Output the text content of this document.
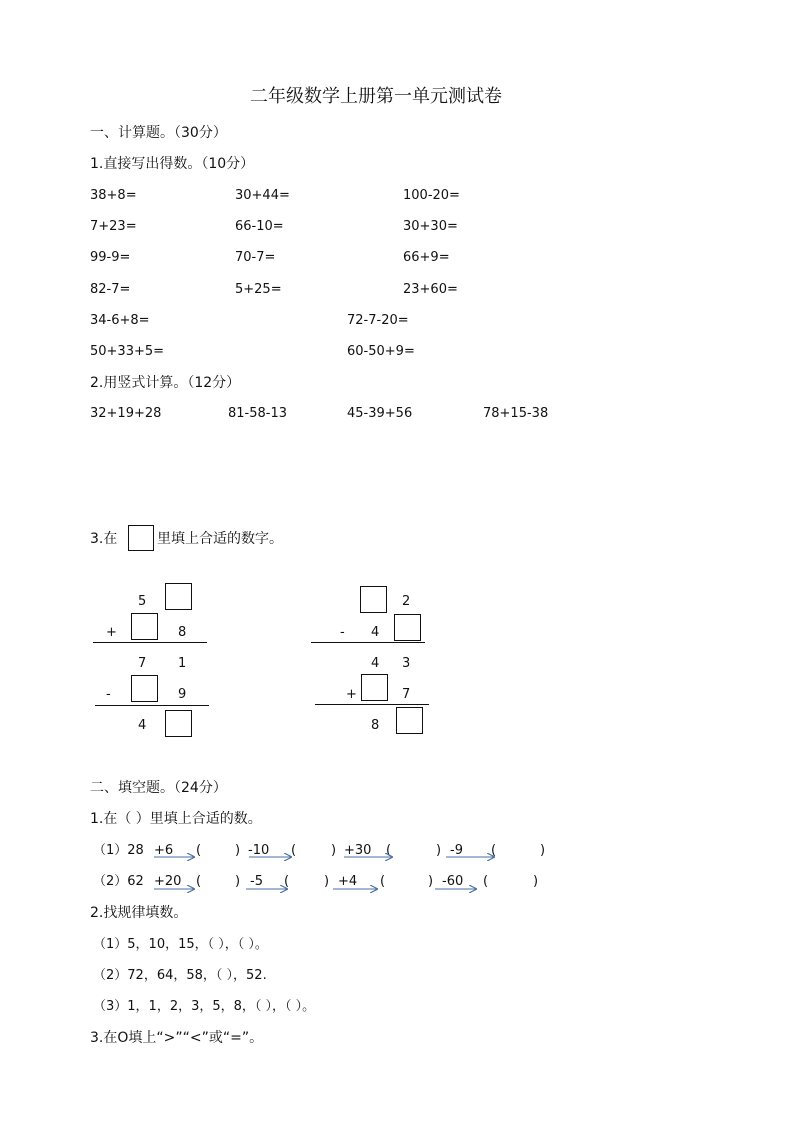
二年级数学上册第一单元测试卷
一、计算题。（30分）
1.直接写出得数。（10分）
38+8=	30+44=	100-20=
7+23=	66-10=	30+30=
99-9=	70-7=	66+9=
82-7=	5+25=	23+60=
34-6+8=	72-7-20=
50+33+5=	60-50+9=
2.用竖式计算。（12分）
32+19+28	81-58-13	45-39+56	78+15-38
3.在	里填上合适的数字。
5
+	8
7 1
-	9
4
2
- 4
4 3
+	7
8
二、填空题。（24分）
1.在（ ）里填上合适的数。
（1）28 +6 (	) -10 (	) +30 (	) -9 (	)
（2）62 +20 (	) -5 (	) +4 (	) -60 (	)
2.找规律填数。
（1）5，10，15，（ ），（ ）。
（2）72，64，58，（ ），52.
（3）1，1，2，3，5，8，（ ），（ ）。
3.在O填上“>”“<”或“=”。
